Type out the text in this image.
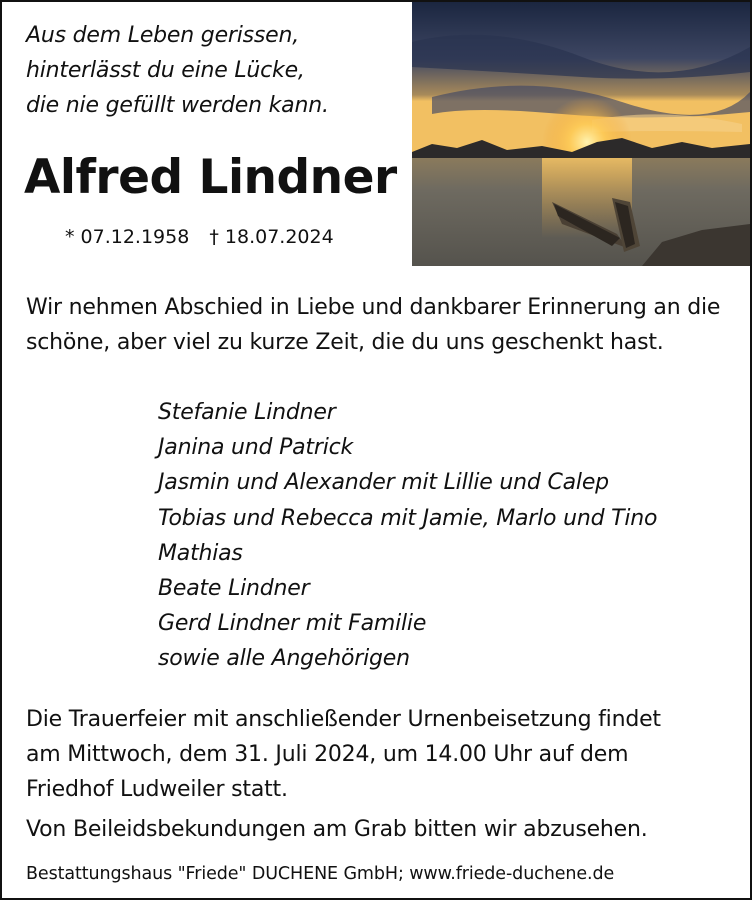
Aus dem Leben gerissen,
hinterlässt du eine Lücke,
die nie gefüllt werden kann.
Alfred Lindner
* 07.12.1958 † 18.07.2024
Wir nehmen Abschied in Liebe und dankbarer Erinnerung an die schöne, aber viel zu kurze Zeit, die du uns geschenkt hast.
Stefanie Lindner
Janina und Patrick
Jasmin und Alexander mit Lillie und Calep
Tobias und Rebecca mit Jamie, Marlo und Tino
Mathias
Beate Lindner
Gerd Lindner mit Familie
sowie alle Angehörigen
Die Trauerfeier mit anschließender Urnenbeisetzung findet
am Mittwoch, dem 31. Juli 2024, um 14.00 Uhr auf dem
Friedhof Ludweiler statt.
Von Beileidsbekundungen am Grab bitten wir abzusehen.
Bestattungshaus "Friede" DUCHENE GmbH; www.friede-duchene.de
